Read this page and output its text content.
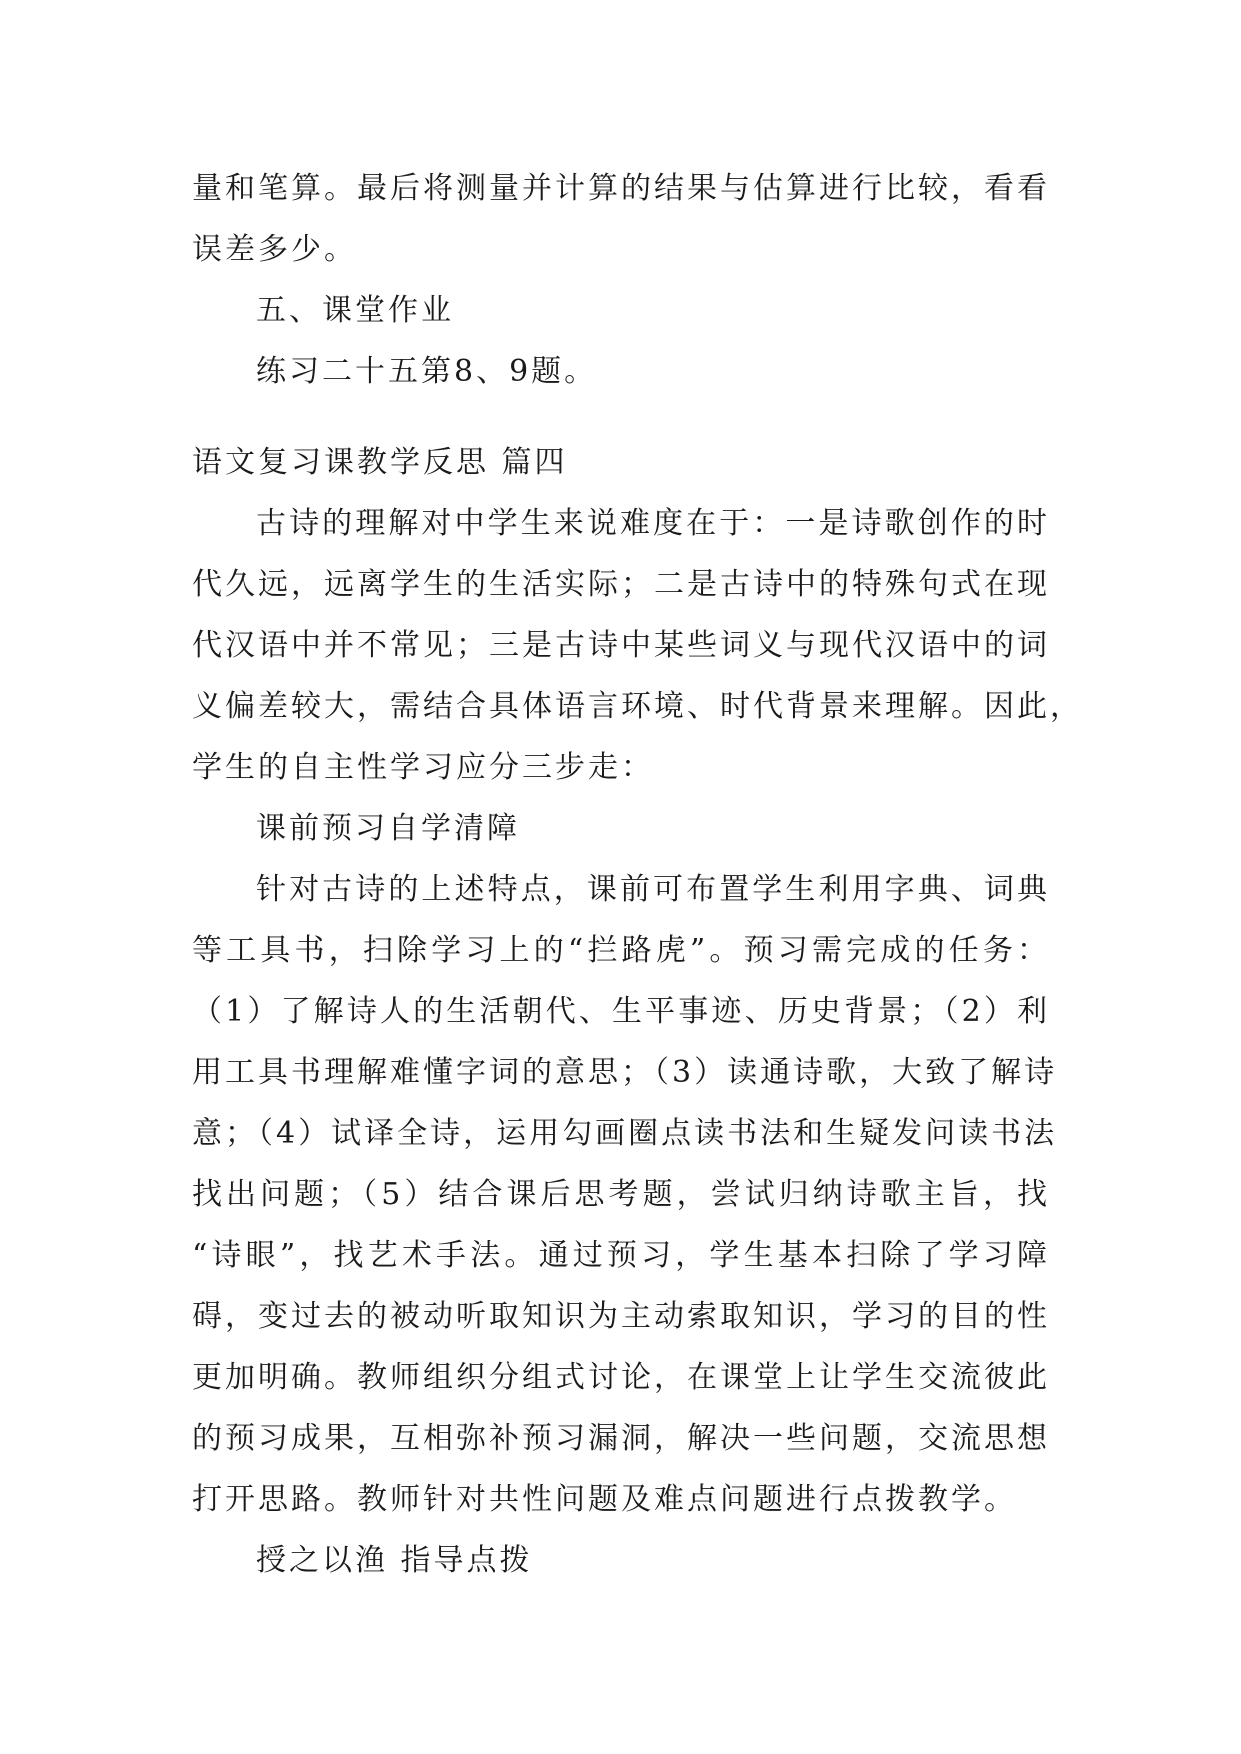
量和笔算。最后将测量并计算的结果与估算进行比较，看看
误差多少。
五、课堂作业
练习二十五第8、9题。
语文复习课教学反思 篇四
古诗的理解对中学生来说难度在于：一是诗歌创作的时
代久远，远离学生的生活实际；二是古诗中的特殊句式在现
代汉语中并不常见；三是古诗中某些词义与现代汉语中的词
义偏差较大，需结合具体语言环境、时代背景来理解。因此，
学生的自主性学习应分三步走：
课前预习自学清障
针对古诗的上述特点，课前可布置学生利用字典、词典
等工具书，扫除学习上的“拦路虎”。预习需完成的任务：
（1）了解诗人的生活朝代、生平事迹、历史背景；（2）利
用工具书理解难懂字词的意思；（3）读通诗歌，大致了解诗
意；（4）试译全诗，运用勾画圈点读书法和生疑发问读书法
找出问题；（5）结合课后思考题，尝试归纳诗歌主旨，找
“诗眼”，找艺术手法。通过预习，学生基本扫除了学习障
碍，变过去的被动听取知识为主动索取知识，学习的目的性
更加明确。教师组织分组式讨论，在课堂上让学生交流彼此
的预习成果，互相弥补预习漏洞，解决一些问题，交流思想
打开思路。教师针对共性问题及难点问题进行点拨教学。
授之以渔 指导点拨
